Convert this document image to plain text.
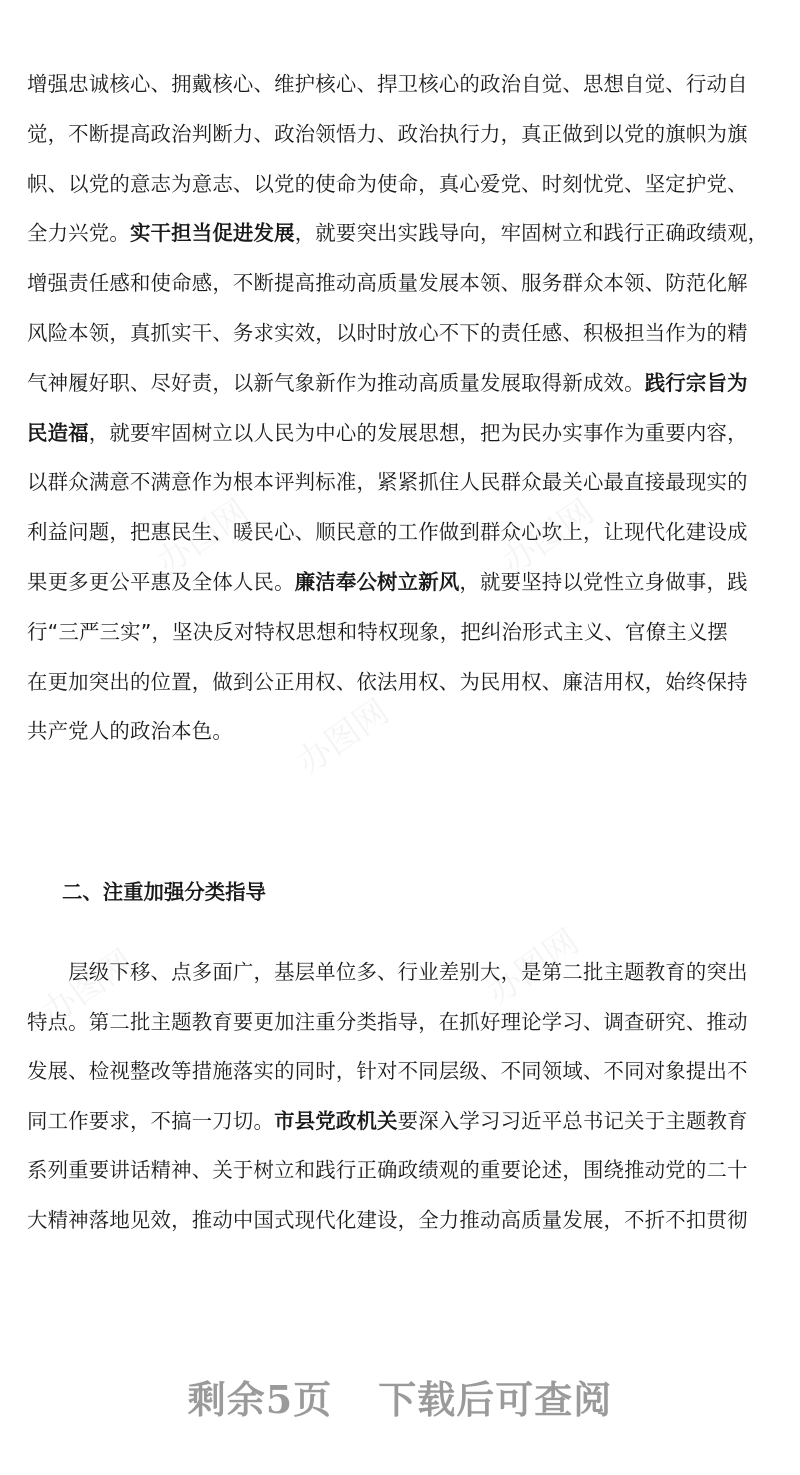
增强忠诚核心、拥戴核心、维护核心、捍卫核心的政治自觉、思想自觉、行动自
觉，不断提高政治判断力、政治领悟力、政治执行力，真正做到以党的旗帜为旗
帜、以党的意志为意志、以党的使命为使命，真心爱党、时刻忧党、坚定护党、
全力兴党。实干担当促进发展，就要突出实践导向，牢固树立和践行正确政绩观，
增强责任感和使命感，不断提高推动高质量发展本领、服务群众本领、防范化解
风险本领，真抓实干、务求实效，以时时放心不下的责任感、积极担当作为的精
气神履好职、尽好责，以新气象新作为推动高质量发展取得新成效。践行宗旨为
民造福，就要牢固树立以人民为中心的发展思想，把为民办实事作为重要内容，
以群众满意不满意作为根本评判标准，紧紧抓住人民群众最关心最直接最现实的
利益问题，把惠民生、暖民心、顺民意的工作做到群众心坎上，让现代化建设成
果更多更公平惠及全体人民。廉洁奉公树立新风，就要坚持以党性立身做事，践
行“三严三实”，坚决反对特权思想和特权现象，把纠治形式主义、官僚主义摆
在更加突出的位置，做到公正用权、依法用权、为民用权、廉洁用权，始终保持
共产党人的政治本色。
二、注重加强分类指导
　　层级下移、点多面广，基层单位多、行业差别大，是第二批主题教育的突出
特点。第二批主题教育要更加注重分类指导，在抓好理论学习、调查研究、推动
发展、检视整改等措施落实的同时，针对不同层级、不同领域、不同对象提出不
同工作要求，不搞一刀切。市县党政机关要深入学习习近平总书记关于主题教育
系列重要讲话精神、关于树立和践行正确政绩观的重要论述，围绕推动党的二十
大精神落地见效，推动中国式现代化建设，全力推动高质量发展，不折不扣贯彻
剩余5页 下载后可查阅
